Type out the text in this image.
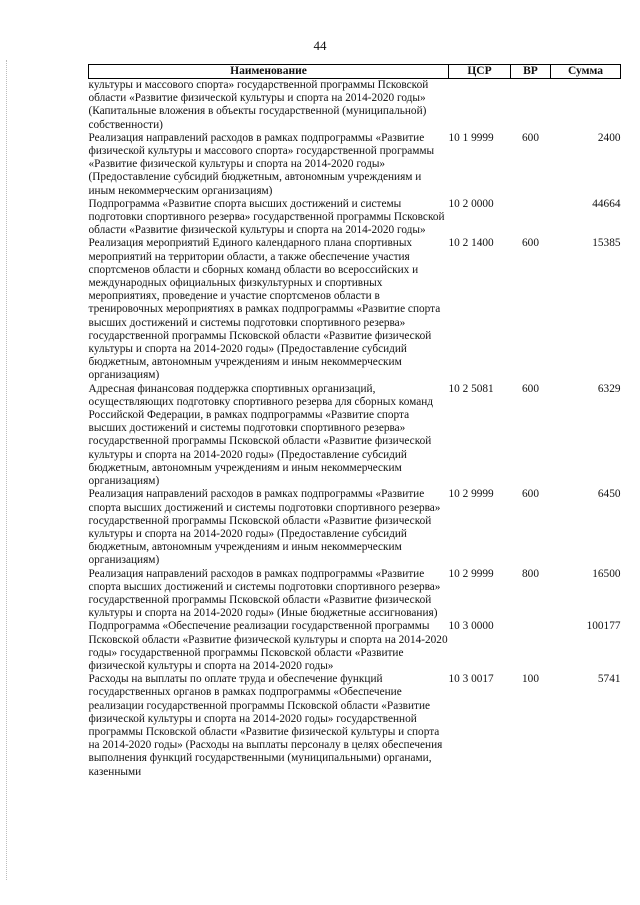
44
Наименование	ЦСР	ВР	Сумма
культуры и массового спорта» государственной программы Псковской области «Развитие физической культуры и спорта на 2014-2020 годы» (Капитальные вложения в объекты государственной (муниципальной) собственности)			
Реализация направлений расходов в рамках подпрограммы «Развитие физической культуры и массового спорта» государственной программы «Развитие физической культуры и спорта на 2014-2020 годы» (Предоставление субсидий бюджетным, автономным учреждениям и иным некоммерческим организациям)	10 1 9999	600	2400
Подпрограмма «Развитие спорта высших достижений и системы подготовки спортивного резерва» государственной программы Псковской области «Развитие физической культуры и спорта на 2014-2020 годы»	10 2 0000		44664
Реализация мероприятий Единого календарного плана спортивных мероприятий на территории области, а также обеспечение участия спортсменов области и сборных команд области во всероссийских и международных официальных физкультурных и спортивных мероприятиях, проведение и участие спортсменов области в тренировочных мероприятиях в рамках подпрограммы «Развитие спорта высших достижений и системы подготовки спортивного резерва» государственной программы Псковской области «Развитие физической культуры и спорта на 2014-2020 годы» (Предоставление субсидий бюджетным, автономным учреждениям и иным некоммерческим организациям)	10 2 1400	600	15385
Адресная финансовая поддержка спортивных организаций, осуществляющих подготовку спортивного резерва для сборных команд Российской Федерации, в рамках подпрограммы «Развитие спорта высших достижений и системы подготовки спортивного резерва» государственной программы Псковской области «Развитие физической культуры и спорта на 2014-2020 годы» (Предоставление субсидий бюджетным, автономным учреждениям и иным некоммерческим организациям)	10 2 5081	600	6329
Реализация направлений расходов в рамках подпрограммы «Развитие спорта высших достижений и системы подготовки спортивного резерва» государственной программы Псковской области «Развитие физической культуры и спорта на 2014-2020 годы» (Предоставление субсидий бюджетным, автономным учреждениям и иным некоммерческим организациям)	10 2 9999	600	6450
Реализация направлений расходов в рамках подпрограммы «Развитие спорта высших достижений и системы подготовки спортивного резерва» государственной программы Псковской области «Развитие физической культуры и спорта на 2014-2020 годы» (Иные бюджетные ассигнования)	10 2 9999	800	16500
Подпрограмма «Обеспечение реализации государственной программы Псковской области «Развитие физической культуры и спорта на 2014-2020 годы» государственной программы Псковской области «Развитие физической культуры и спорта на 2014-2020 годы»	10 3 0000		100177
Расходы на выплаты по оплате труда и обеспечение функций государственных органов в рамках подпрограммы «Обеспечение реализации государственной программы Псковской области «Развитие физической культуры и спорта на 2014-2020 годы» государственной программы Псковской области «Развитие физической культуры и спорта на 2014-2020 годы» (Расходы на выплаты персоналу в целях обеспечения выполнения функций государственными (муниципальными) органами, казенными	10 3 0017	100	5741
